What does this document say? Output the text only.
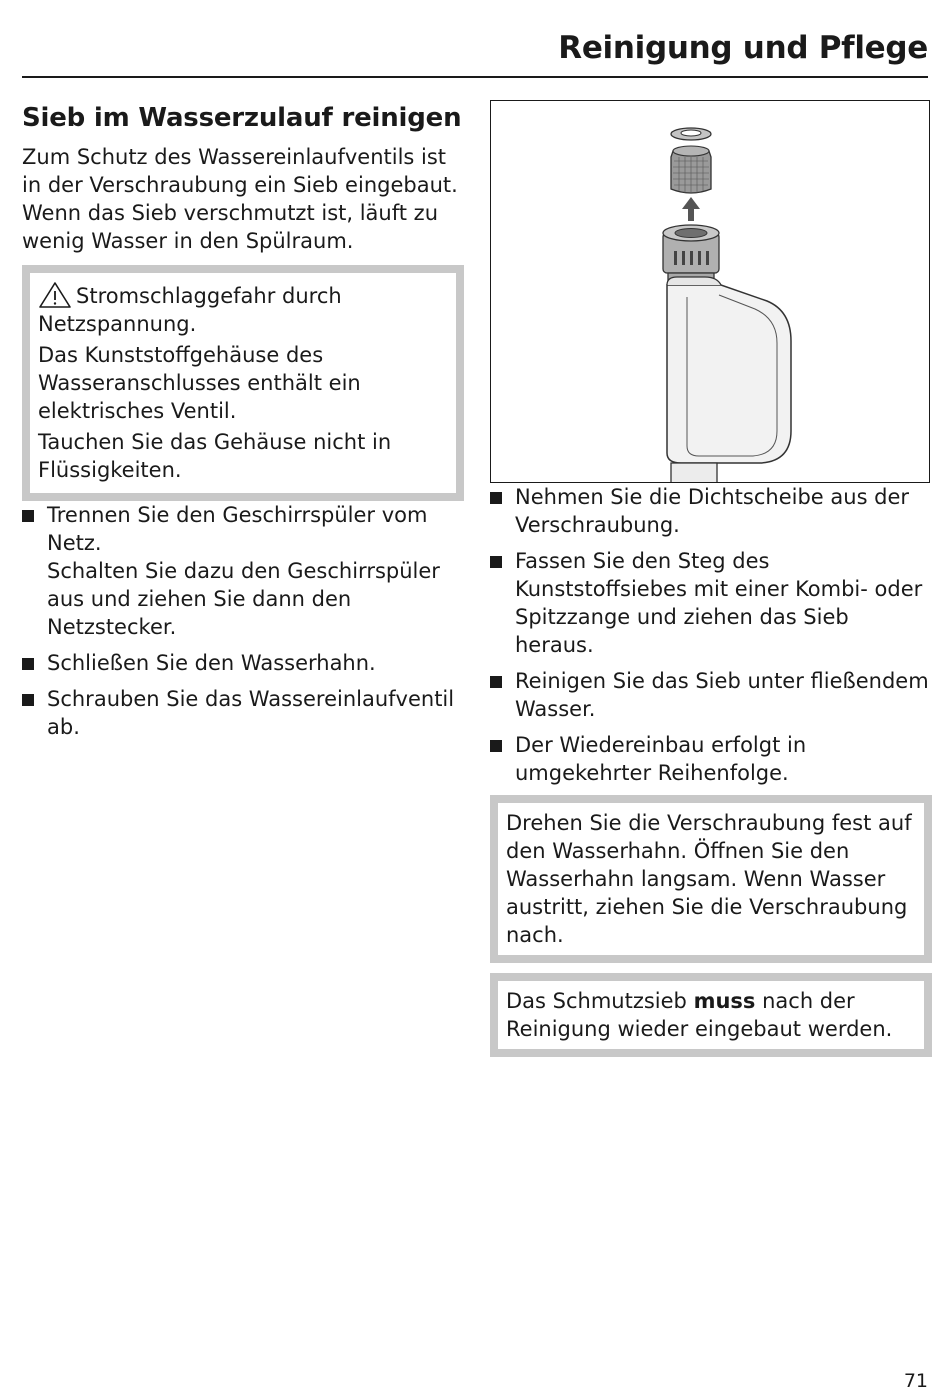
Reinigung und Pflege
Sieb im Wasserzulauf reinigen

Zum Schutz des Wassereinlaufventils ist in der Verschraubung ein Sieb eingebaut. Wenn das Sieb verschmutzt ist, läuft zu wenig Wasser in den Spülraum.

Stromschlaggefahr durch Netzspannung.

Das Kunststoffgehäuse des Wasseranschlusses enthält ein elektrisches Ventil.

Tauchen Sie das Gehäuse nicht in Flüssigkeiten.

Trennen Sie den Geschirrspüler vom Netz.
Schalten Sie dazu den Geschirrspüler aus und ziehen Sie dann den Netzstecker.
Schließen Sie den Wasserhahn.
Schrauben Sie das Wassereinlaufventil ab.
Nehmen Sie die Dichtscheibe aus der Verschraubung.
Fassen Sie den Steg des Kunststoffsiebes mit einer Kombi- oder Spitzzange und ziehen das Sieb heraus.
Reinigen Sie das Sieb unter fließendem Wasser.
Der Wiedereinbau erfolgt in umgekehrter Reihenfolge.

Drehen Sie die Verschraubung fest auf den Wasserhahn. Öffnen Sie den Wasserhahn langsam. Wenn Wasser austritt, ziehen Sie die Verschraubung nach.

Das Schmutzsieb muss nach der Reinigung wieder eingebaut werden.

71
